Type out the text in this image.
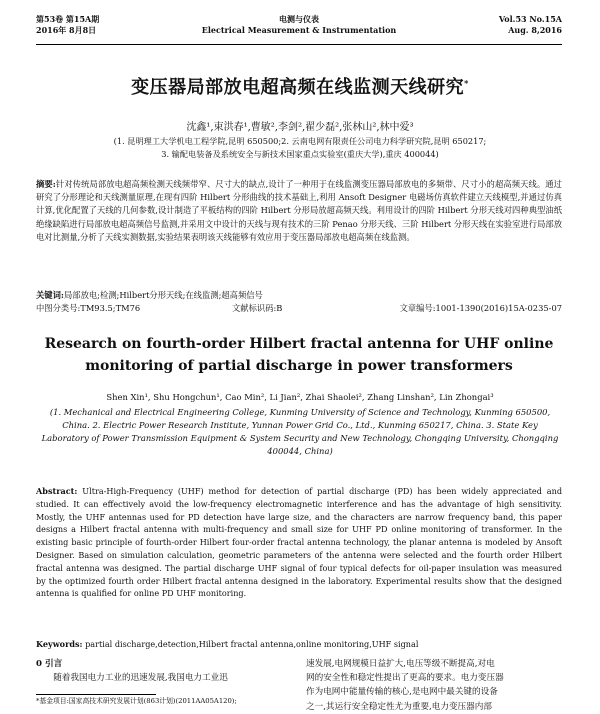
第53卷 第15A期
2016年 8月8日
电测与仪表
Electrical Measurement & Instrumentation
Vol.53 No.15A
Aug. 8,2016
变压器局部放电超高频在线监测天线研究*
沈鑫¹,束洪春¹,曹敏²,李剑²,翟少磊²,张林山²,林中爱³
(1. 昆明理工大学机电工程学院,昆明 650500;2. 云南电网有限责任公司电力科学研究院,昆明 650217;
3. 输配电装备及系统安全与新技术国家重点实验室(重庆大学),重庆 400044)
摘要:针对传统局部放电超高频检测天线频带窄、尺寸大的缺点,设计了一种用于在线监测变压器局部放电的多频带、尺寸小的超高频天线。通过研究了分形理论和天线测量原理,在现有四阶 Hilbert 分形曲线的技术基础上,利用 Ansoft Designer 电磁场仿真软件建立天线模型,并通过仿真计算,优化配置了天线的几何参数,设计制造了平板结构的四阶 Hilbert 分形局放超高频天线。利用设计的四阶 Hilbert 分形天线对四种典型油纸绝缘缺陷进行局部放电超高频信号监测,并采用文中设计的天线与现有技术的三阶 Penao 分形天线、三阶 Hilbert 分形天线在实验室进行局部放电对比测量,分析了天线实测数据,实验结果表明该天线能够有效应用于变压器局部放电超高频在线监测。
关键词:局部放电;检测;Hilbert分形天线;在线监测;超高频信号
中图分类号:TM93.5;TM76	文献标识码:B	文章编号:1001-1390(2016)15A-0235-07
Research on fourth-order Hilbert fractal antenna for UHF online
monitoring of partial discharge in power transformers
Shen Xin¹, Shu Hongchun¹, Cao Min², Li Jian², Zhai Shaolei², Zhang Linshan², Lin Zhongai³
(1. Mechanical and Electrical Engineering College, Kunming University of Science and Technology, Kunming 650500, China. 2. Electric Power Research Institute, Yunnan Power Grid Co., Ltd., Kunming 650217, China. 3. State Key Laboratory of Power Transmission Equipment & System Security and New Technology, Chongqing University, Chongqing 400044, China)
Abstract: Ultra-High-Frequency (UHF) method for detection of partial discharge (PD) has been widely appreciated and studied. It can effectively avoid the low-frequency electromagnetic interference and has the advantage of high sensitivity. Mostly, the UHF antennas used for PD detection have large size, and the characters are narrow frequency band, this paper designs a Hilbert fractal antenna with multi-frequency and small size for UHF PD online monitoring of transformer. In the existing basic principle of fourth-order Hilbert four-order fractal antenna technology, the planar antenna is modeled by Ansoft Designer. Based on simulation calculation, geometric parameters of the antenna were selected and the fourth order Hilbert fractal antenna was designed. The partial discharge UHF signal of four typical defects for oil-paper insulation was measured by the optimized fourth order Hilbert fractal antenna designed in the laboratory. Experimental results show that the designed antenna is qualified for online PD UHF monitoring.
Keywords: partial discharge,detection,Hilbert fractal antenna,online monitoring,UHF signal
0 引言
随着我国电力工业的迅速发展,我国电力工业迅
*基金项目:国家高技术研究发展计划(863计划)(2011AA05A120);
速发展,电网规模日益扩大,电压等级不断提高,对电
网的安全性和稳定性提出了更高的要求。电力变压器
作为电网中能量传输的核心,是电网中最关键的设备
之一,其运行安全稳定性尤为重要,电力变压器内部
